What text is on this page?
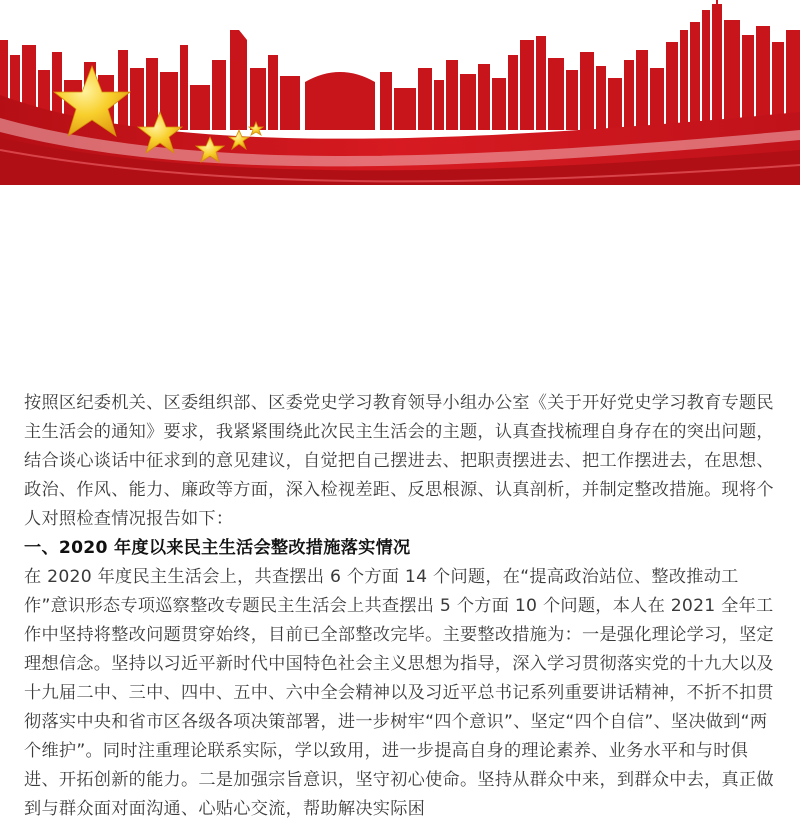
按照区纪委机关、区委组织部、区委党史学习教育领导小组办公室《关于开好党史学习教育专题民主生活会的通知》要求，我紧紧围绕此次民主生活会的主题，认真查找梳理自身存在的突出问题，结合谈心谈话中征求到的意见建议，自觉把自己摆进去、把职责摆进去、把工作摆进去，在思想、政治、作风、能力、廉政等方面，深入检视差距、反思根源、认真剖析，并制定整改措施。现将个人对照检查情况报告如下：

一、2020 年度以来民主生活会整改措施落实情况

在 2020 年度民主生活会上，共查摆出 6 个方面 14 个问题，在“提高政治站位、整改推动工作”意识形态专项巡察整改专题民主生活会上共查摆出 5 个方面 10 个问题，本人在 2021 全年工作中坚持将整改问题贯穿始终，目前已全部整改完毕。主要整改措施为：一是强化理论学习，坚定理想信念。坚持以习近平新时代中国特色社会主义思想为指导，深入学习贯彻落实党的十九大以及十九届二中、三中、四中、五中、六中全会精神以及习近平总书记系列重要讲话精神，不折不扣贯彻落实中央和省市区各级各项决策部署，进一步树牢“四个意识”、坚定“四个自信”、坚决做到“两个维护”。同时注重理论联系实际，学以致用，进一步提高自身的理论素养、业务水平和与时俱进、开拓创新的能力。二是加强宗旨意识，坚守初心使命。坚持从群众中来，到群众中去，真正做到与群众面对面沟通、心贴心交流，帮助解决实际困
